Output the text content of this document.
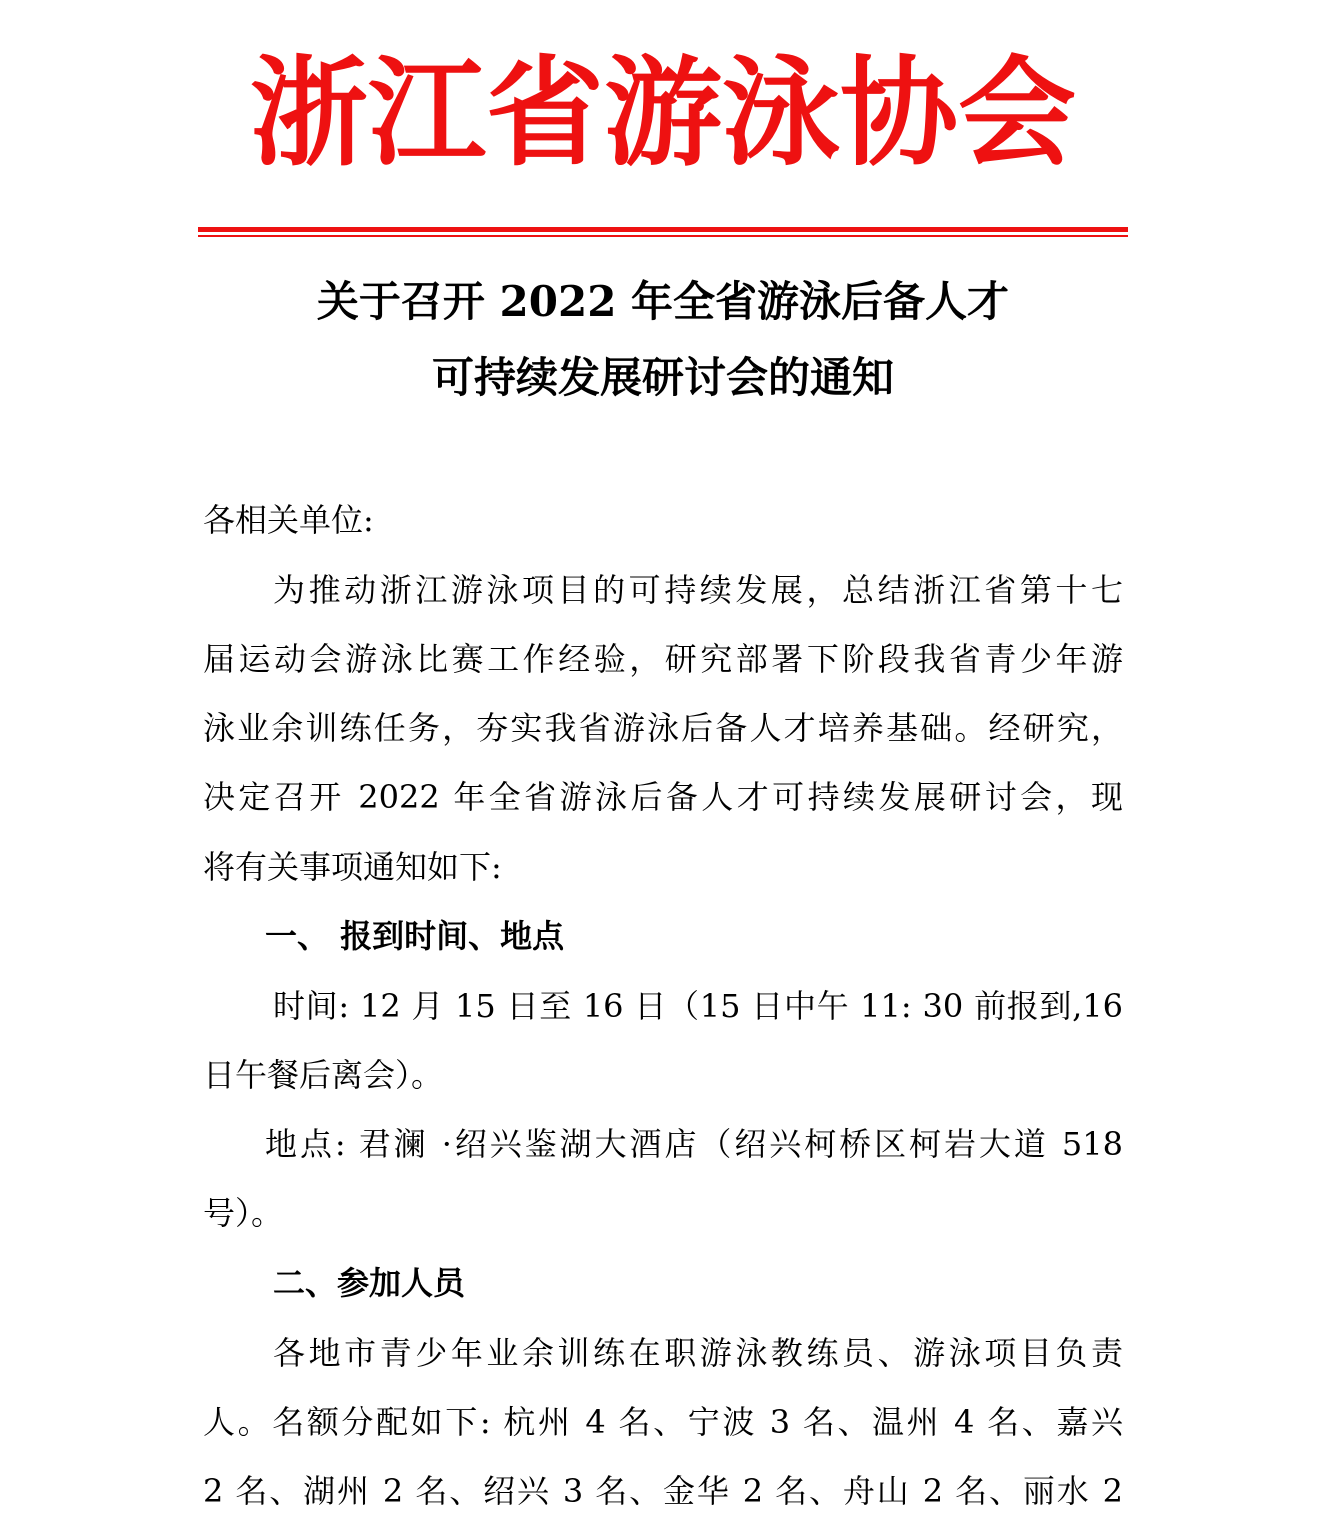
浙江省游泳协会
关于召开 2022 年全省游泳后备人才
可持续发展研讨会的通知
各相关单位:
为推动浙江游泳项目的可持续发展，总结浙江省第十七
届运动会游泳比赛工作经验，研究部署下阶段我省青少年游
泳业余训练任务，夯实我省游泳后备人才培养基础。经研究，
决定召开 2022 年全省游泳后备人才可持续发展研讨会，现
将有关事项通知如下:
一、 报到时间、地点
时间: 12 月 15 日至 16 日（15 日中午 11: 30 前报到,16
日午餐后离会）。
地点: 君澜 ·绍兴鉴湖大酒店（绍兴柯桥区柯岩大道 518
号）。
二、参加人员
各地市青少年业余训练在职游泳教练员、游泳项目负责
人。名额分配如下: 杭州 4 名、宁波 3 名、温州 4 名、嘉兴
2 名、湖州 2 名、绍兴 3 名、金华 2 名、舟山 2 名、丽水 2
